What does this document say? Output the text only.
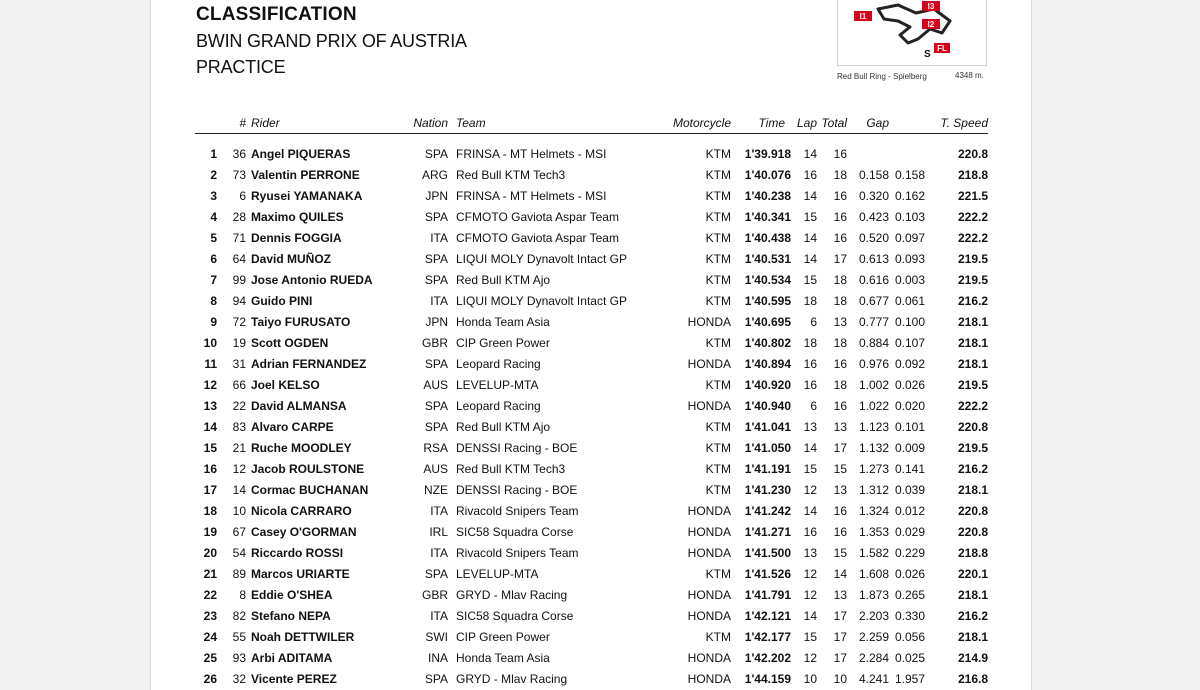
CLASSIFICATION
BWIN GRAND PRIX OF AUSTRIA
PRACTICE
I1
I2
I3
FL
S
Red Bull Ring - Spielberg	4348 m.
	#	Rider	Nation	Team	Motorcycle	Time	Lap	Total	Gap		T. Speed
1	36	Angel PIQUERAS	SPA	FRINSA - MT Helmets - MSI	KTM	1'39.918	14	16			220.8
2	73	Valentin PERRONE	ARG	Red Bull KTM Tech3	KTM	1'40.076	16	18	0.158	0.158	218.8
3	6	Ryusei YAMANAKA	JPN	FRINSA - MT Helmets - MSI	KTM	1'40.238	14	16	0.320	0.162	221.5
4	28	Maximo QUILES	SPA	CFMOTO Gaviota Aspar Team	KTM	1'40.341	15	16	0.423	0.103	222.2
5	71	Dennis FOGGIA	ITA	CFMOTO Gaviota Aspar Team	KTM	1'40.438	14	16	0.520	0.097	222.2
6	64	David MUÑOZ	SPA	LIQUI MOLY Dynavolt Intact GP	KTM	1'40.531	14	17	0.613	0.093	219.5
7	99	Jose Antonio RUEDA	SPA	Red Bull KTM Ajo	KTM	1'40.534	15	18	0.616	0.003	219.5
8	94	Guido PINI	ITA	LIQUI MOLY Dynavolt Intact GP	KTM	1'40.595	18	18	0.677	0.061	216.2
9	72	Taiyo FURUSATO	JPN	Honda Team Asia	HONDA	1'40.695	6	13	0.777	0.100	218.1
10	19	Scott OGDEN	GBR	CIP Green Power	KTM	1'40.802	18	18	0.884	0.107	218.1
11	31	Adrian FERNANDEZ	SPA	Leopard Racing	HONDA	1'40.894	16	16	0.976	0.092	218.1
12	66	Joel KELSO	AUS	LEVELUP-MTA	KTM	1'40.920	16	18	1.002	0.026	219.5
13	22	David ALMANSA	SPA	Leopard Racing	HONDA	1'40.940	6	16	1.022	0.020	222.2
14	83	Alvaro CARPE	SPA	Red Bull KTM Ajo	KTM	1'41.041	13	13	1.123	0.101	220.8
15	21	Ruche MOODLEY	RSA	DENSSI Racing - BOE	KTM	1'41.050	14	17	1.132	0.009	219.5
16	12	Jacob ROULSTONE	AUS	Red Bull KTM Tech3	KTM	1'41.191	15	15	1.273	0.141	216.2
17	14	Cormac BUCHANAN	NZE	DENSSI Racing - BOE	KTM	1'41.230	12	13	1.312	0.039	218.1
18	10	Nicola CARRARO	ITA	Rivacold Snipers Team	HONDA	1'41.242	14	16	1.324	0.012	220.8
19	67	Casey O'GORMAN	IRL	SIC58 Squadra Corse	HONDA	1'41.271	16	16	1.353	0.029	220.8
20	54	Riccardo ROSSI	ITA	Rivacold Snipers Team	HONDA	1'41.500	13	15	1.582	0.229	218.8
21	89	Marcos URIARTE	SPA	LEVELUP-MTA	KTM	1'41.526	12	14	1.608	0.026	220.1
22	8	Eddie O'SHEA	GBR	GRYD - Mlav Racing	HONDA	1'41.791	12	13	1.873	0.265	218.1
23	82	Stefano NEPA	ITA	SIC58 Squadra Corse	HONDA	1'42.121	14	17	2.203	0.330	216.2
24	55	Noah DETTWILER	SWI	CIP Green Power	KTM	1'42.177	15	17	2.259	0.056	218.1
25	93	Arbi ADITAMA	INA	Honda Team Asia	HONDA	1'42.202	12	17	2.284	0.025	214.9
26	32	Vicente PEREZ	SPA	GRYD - Mlav Racing	HONDA	1'44.159	10	10	4.241	1.957	216.8
